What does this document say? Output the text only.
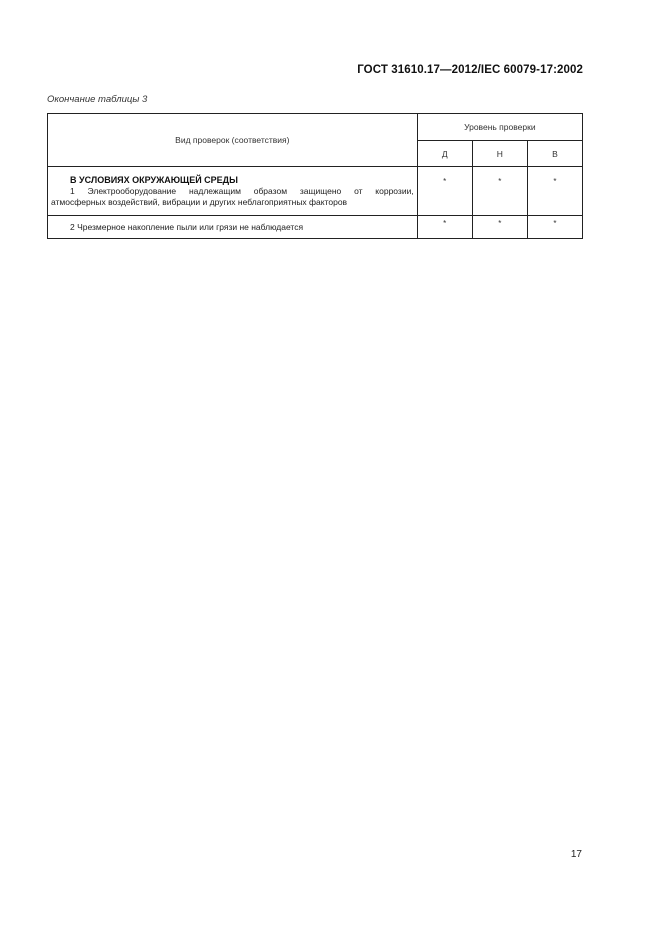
ГОСТ 31610.17—2012/IEC 60079-17:2002
Окончание таблицы 3
Вид проверок (соответствия)	Уровень проверки		
	Д	Н	В

В УСЛОВИЯХ ОКРУЖАЮЩЕЙ СРЕДЫ
1 Электрооборудование надлежащим образом защищено от коррозии,
атмосферных воздействий, вибрации и других неблагоприятных факторов	*	*	*
2 Чрезмерное накопление пыли или грязи не наблюдается	*	*	*
17
